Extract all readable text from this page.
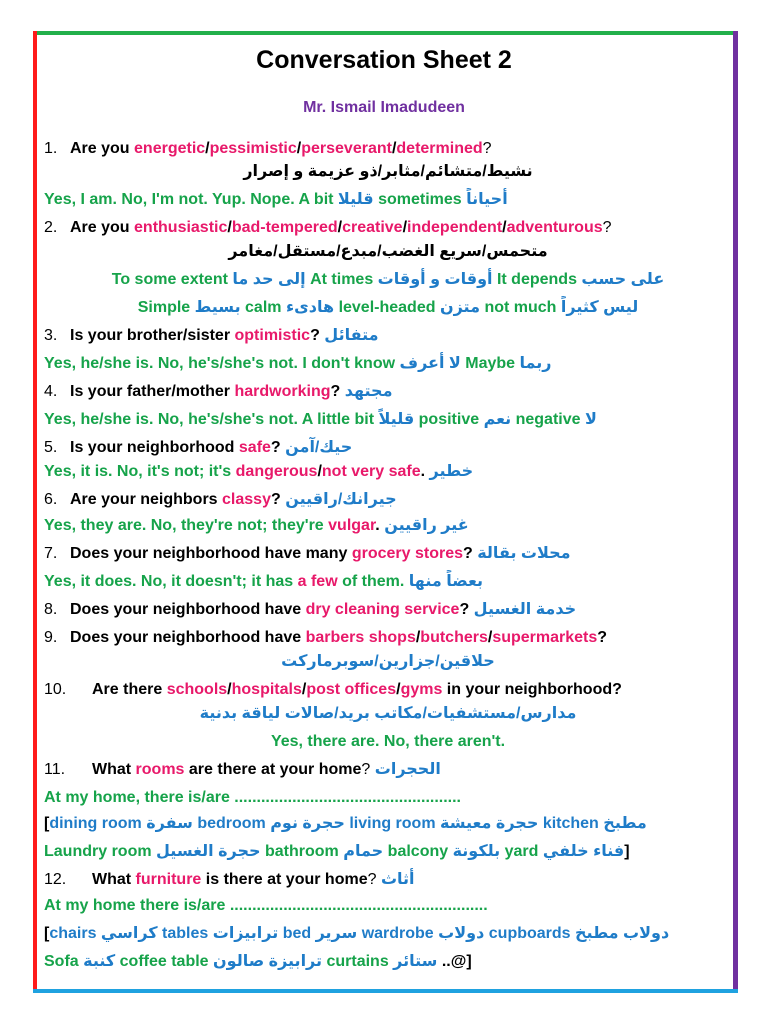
Conversation Sheet 2
Mr. Ismail Imadudeen
1. Are you energetic/pessimistic/perseverant/determined?
نشيط/متشائم/مثابر/ذو عزيمة و إصرار
Yes, I am. No, I'm not. Yup. Nope. A bit قليلا sometimes أحياناً
2. Are you enthusiastic/bad-tempered/creative/independent/adventurous?
متحمس/سريع الغضب/مبدع/مستقل/مغامر
To some extent إلى حد ما At times أوقات و أوقات It depends على حسب
Simple بسيط calm هادىء level-headed متزن not much ليس كثيراً
3. Is your brother/sister optimistic? متفائل
Yes, he/she is. No, he's/she's not. I don't know لا أعرف Maybe ربما
4. Is your father/mother hardworking? مجتهد
Yes, he/she is. No, he's/she's not. A little bit قليلاً positive نعم negative لا
5. Is your neighborhood safe? حيك/آمن
Yes, it is. No, it's not; it's dangerous/not very safe. خطير
6. Are your neighbors classy? جيرانك/راقيين
Yes, they are. No, they're not; they're vulgar. غير راقيين
7. Does your neighborhood have many grocery stores? محلات بقالة
Yes, it does. No, it doesn't; it has a few of them. بعضاً منها
8. Does your neighborhood have dry cleaning service? خدمة الغسيل
9. Does your neighborhood have barbers shops/butchers/supermarkets?
حلاقين/جزارين/سوبرماركت
10. Are there schools/hospitals/post offices/gyms in your neighborhood?
مدارس/مستشفيات/مكاتب بريد/صالات لياقة بدنية
Yes, there are. No, there aren't.
11. What rooms are there at your home? الحجرات
At my home, there is/are ...................................................
[dining room سفرة bedroom حجرة نوم living room حجرة معيشة kitchen مطبخ
Laundry room حجرة الغسيل bathroom حمام balcony بلكونة yard فناء خلفي]
12. What furniture is there at your home? أثاث
At my home there is/are ..........................................................
[chairs كراسي tables ترابيزات bed سرير wardrobe دولاب cupboards دولاب مطبخ
Sofa كنبة coffee table ترابيزة صالون curtains ستائر ..@]
